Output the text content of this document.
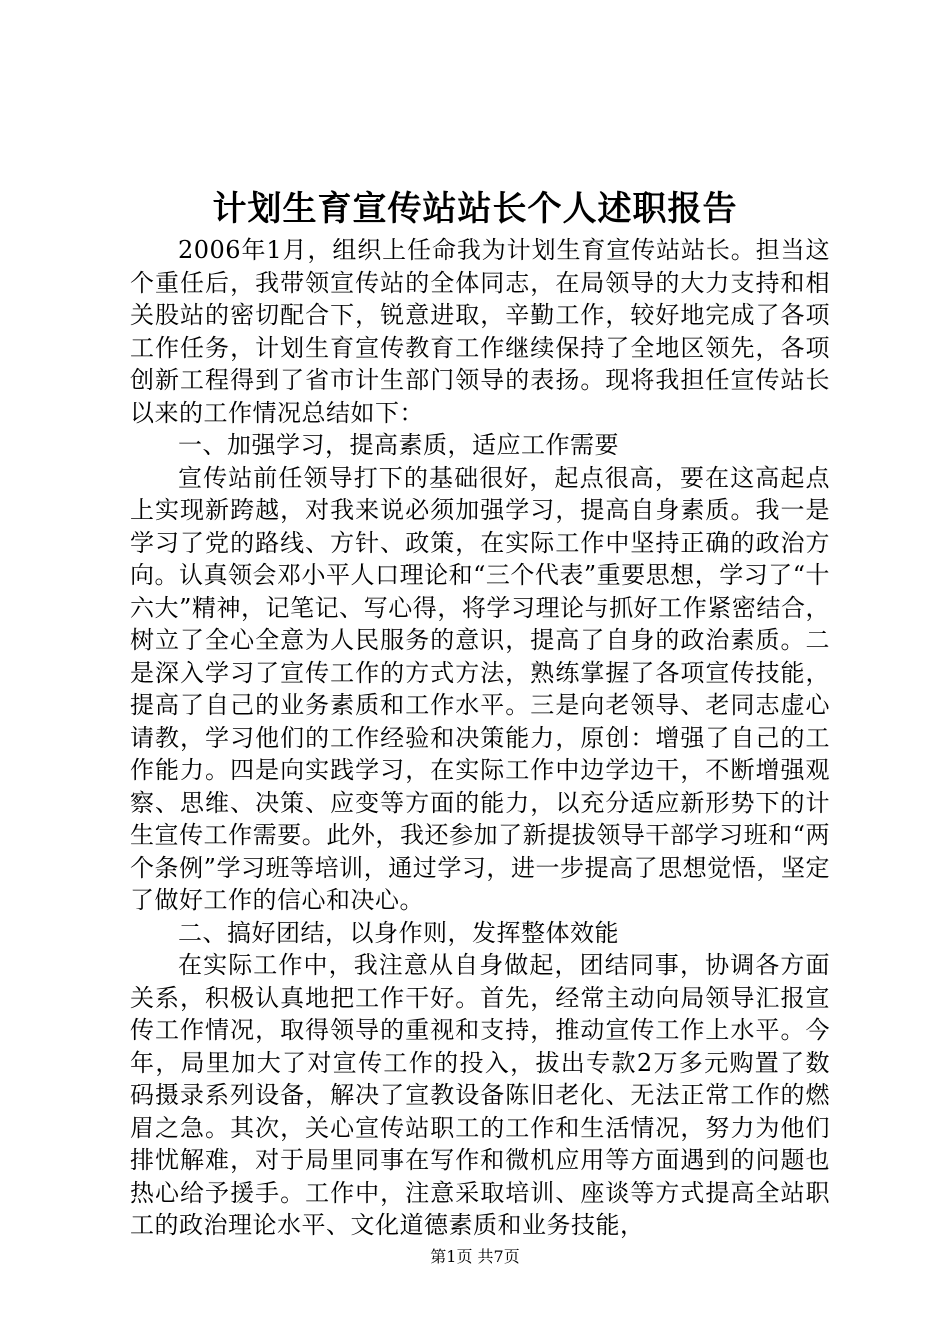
计划生育宣传站站长个人述职报告

2006年1月，组织上任命我为计划生育宣传站站长。担当这个重任后，我带领宣传站的全体同志，在局领导的大力支持和相关股站的密切配合下，锐意进取，辛勤工作，较好地完成了各项工作任务，计划生育宣传教育工作继续保持了全地区领先，各项创新工程得到了省市计生部门领导的表扬。现将我担任宣传站长以来的工作情况总结如下：

一、加强学习，提高素质，适应工作需要

宣传站前任领导打下的基础很好，起点很高，要在这高起点上实现新跨越，对我来说必须加强学习，提高自身素质。我一是学习了党的路线、方针、政策，在实际工作中坚持正确的政治方向。认真领会邓小平人口理论和“三个代表”重要思想，学习了“十六大”精神，记笔记、写心得，将学习理论与抓好工作紧密结合，树立了全心全意为人民服务的意识，提高了自身的政治素质。二是深入学习了宣传工作的方式方法，熟练掌握了各项宣传技能，提高了自己的业务素质和工作水平。三是向老领导、老同志虚心请教，学习他们的工作经验和决策能力，原创：增强了自己的工作能力。四是向实践学习，在实际工作中边学边干，不断增强观察、思维、决策、应变等方面的能力，以充分适应新形势下的计生宣传工作需要。此外，我还参加了新提拔领导干部学习班和“两个条例”学习班等培训，通过学习，进一步提高了思想觉悟，坚定了做好工作的信心和决心。

二、搞好团结，以身作则，发挥整体效能

在实际工作中，我注意从自身做起，团结同事，协调各方面关系，积极认真地把工作干好。首先，经常主动向局领导汇报宣传工作情况，取得领导的重视和支持，推动宣传工作上水平。今年，局里加大了对宣传工作的投入，拔出专款2万多元购置了数码摄录系列设备，解决了宣教设备陈旧老化、无法正常工作的燃眉之急。其次，关心宣传站职工的工作和生活情况，努力为他们排忧解难，对于局里同事在写作和微机应用等方面遇到的问题也热心给予援手。工作中，注意采取培训、座谈等方式提高全站职工的政治理论水平、文化道德素质和业务技能，

第1页 共7页
